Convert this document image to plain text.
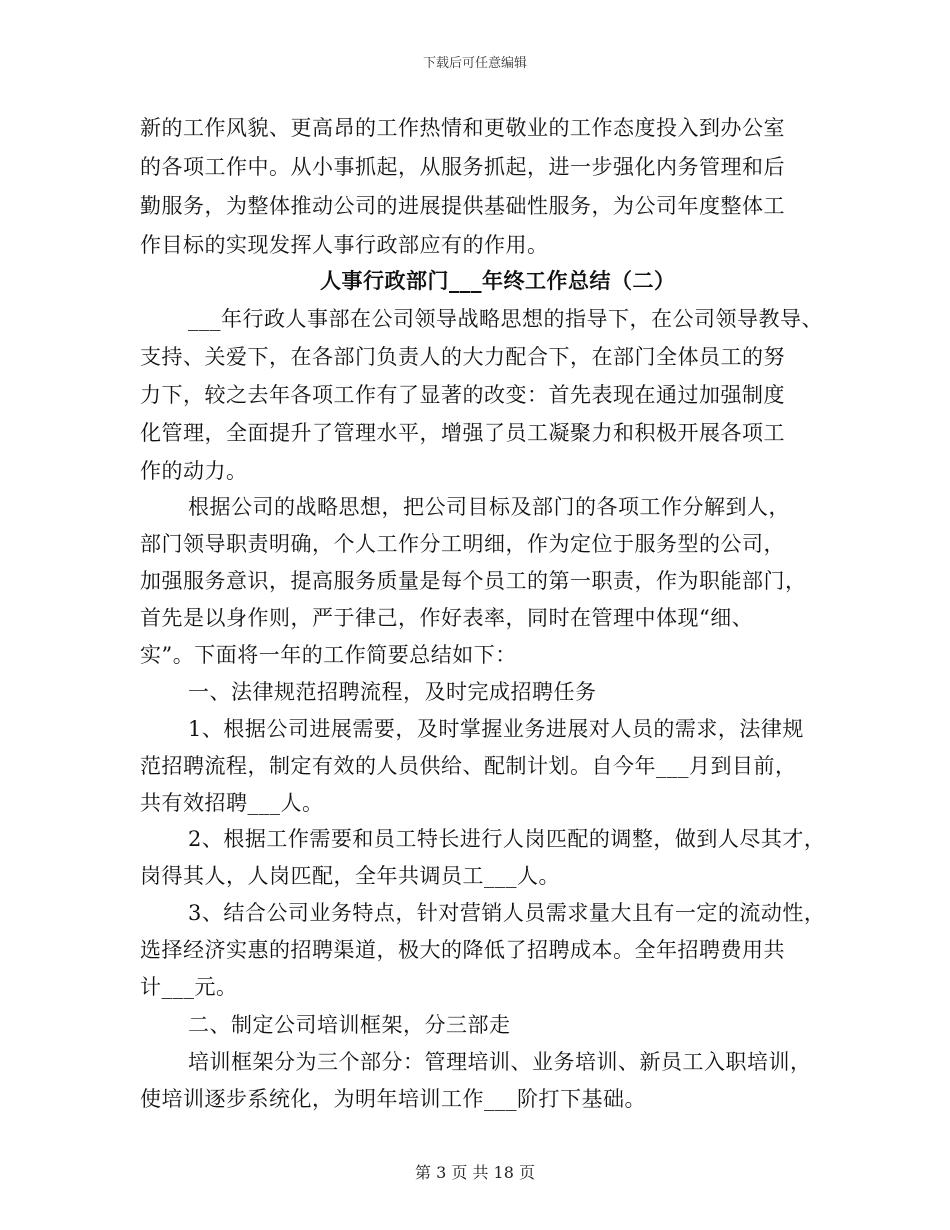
下载后可任意编辑
新的工作风貌、更高昂的工作热情和更敬业的工作态度投入到办公室
的各项工作中。从小事抓起，从服务抓起，进一步强化内务管理和后
勤服务，为整体推动公司的进展提供基础性服务，为公司年度整体工
作目标的实现发挥人事行政部应有的作用。
人事行政部门___年终工作总结（二）
___年行政人事部在公司领导战略思想的指导下，在公司领导教导、
支持、关爱下，在各部门负责人的大力配合下，在部门全体员工的努
力下，较之去年各项工作有了显著的改变：首先表现在通过加强制度
化管理，全面提升了管理水平，增强了员工凝聚力和积极开展各项工
作的动力。
根据公司的战略思想，把公司目标及部门的各项工作分解到人，
部门领导职责明确，个人工作分工明细，作为定位于服务型的公司，
加强服务意识，提高服务质量是每个员工的第一职责，作为职能部门，
首先是以身作则，严于律己，作好表率，同时在管理中体现“细、
实”。下面将一年的工作简要总结如下：
一、法律规范招聘流程，及时完成招聘任务
1、根据公司进展需要，及时掌握业务进展对人员的需求，法律规
范招聘流程，制定有效的人员供给、配制计划。自今年___月到目前，
共有效招聘___人。
2、根据工作需要和员工特长进行人岗匹配的调整，做到人尽其才，
岗得其人，人岗匹配，全年共调员工___人。
3、结合公司业务特点，针对营销人员需求量大且有一定的流动性，
选择经济实惠的招聘渠道，极大的降低了招聘成本。全年招聘费用共
计___元。
二、制定公司培训框架，分三部走
培训框架分为三个部分：管理培训、业务培训、新员工入职培训，
使培训逐步系统化，为明年培训工作___阶打下基础。
第 3 页 共 18 页
